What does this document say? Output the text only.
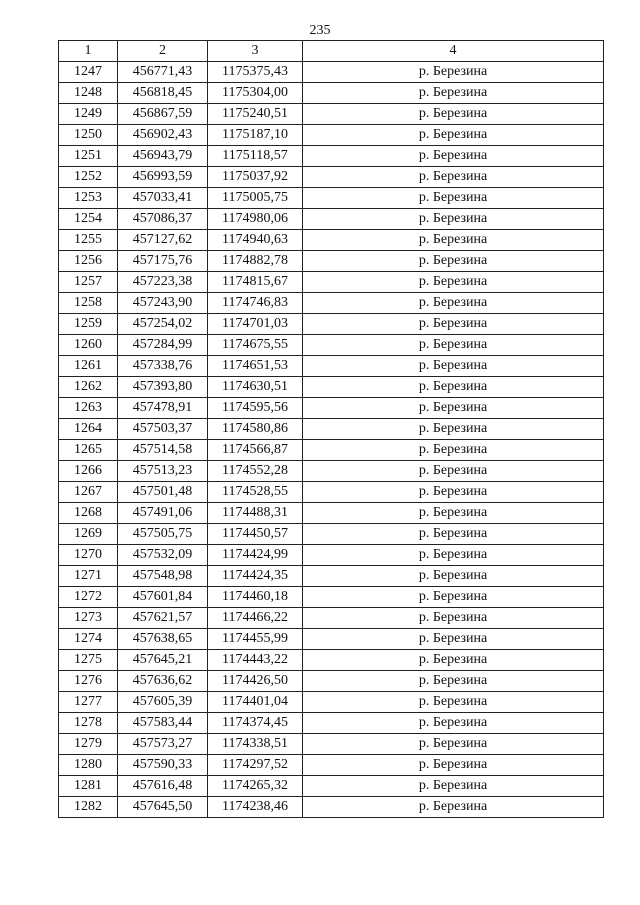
235
1	2	3	4
1247	456771,43	1175375,43	р. Березина
1248	456818,45	1175304,00	р. Березина
1249	456867,59	1175240,51	р. Березина
1250	456902,43	1175187,10	р. Березина
1251	456943,79	1175118,57	р. Березина
1252	456993,59	1175037,92	р. Березина
1253	457033,41	1175005,75	р. Березина
1254	457086,37	1174980,06	р. Березина
1255	457127,62	1174940,63	р. Березина
1256	457175,76	1174882,78	р. Березина
1257	457223,38	1174815,67	р. Березина
1258	457243,90	1174746,83	р. Березина
1259	457254,02	1174701,03	р. Березина
1260	457284,99	1174675,55	р. Березина
1261	457338,76	1174651,53	р. Березина
1262	457393,80	1174630,51	р. Березина
1263	457478,91	1174595,56	р. Березина
1264	457503,37	1174580,86	р. Березина
1265	457514,58	1174566,87	р. Березина
1266	457513,23	1174552,28	р. Березина
1267	457501,48	1174528,55	р. Березина
1268	457491,06	1174488,31	р. Березина
1269	457505,75	1174450,57	р. Березина
1270	457532,09	1174424,99	р. Березина
1271	457548,98	1174424,35	р. Березина
1272	457601,84	1174460,18	р. Березина
1273	457621,57	1174466,22	р. Березина
1274	457638,65	1174455,99	р. Березина
1275	457645,21	1174443,22	р. Березина
1276	457636,62	1174426,50	р. Березина
1277	457605,39	1174401,04	р. Березина
1278	457583,44	1174374,45	р. Березина
1279	457573,27	1174338,51	р. Березина
1280	457590,33	1174297,52	р. Березина
1281	457616,48	1174265,32	р. Березина
1282	457645,50	1174238,46	р. Березина
